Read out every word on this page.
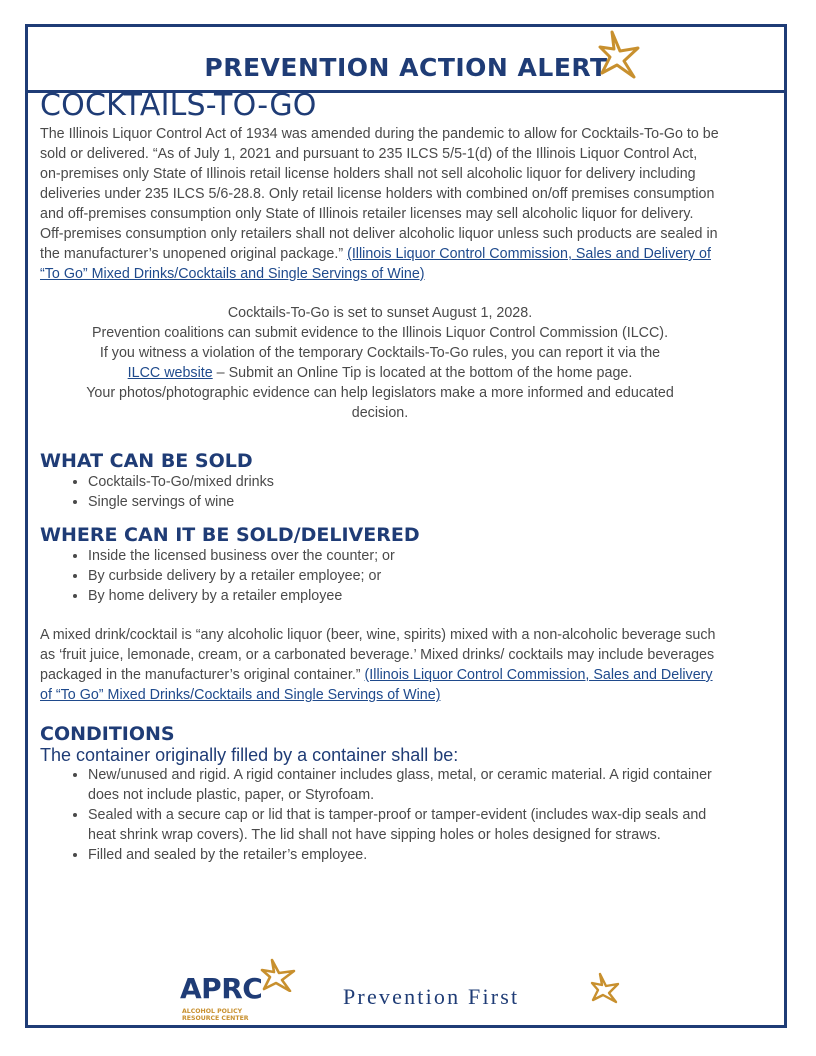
PREVENTION ACTION ALERT
COCKTAILS-TO-GO

The Illinois Liquor Control Act of 1934 was amended during the pandemic to allow for Cocktails-To-Go to be sold or delivered. “As of July 1, 2021 and pursuant to 235 ILCS 5/5-1(d) of the Illinois Liquor Control Act, on-premises only State of Illinois retail license holders shall not sell alcoholic liquor for delivery including deliveries under 235 ILCS 5/6-28.8. Only retail license holders with combined on/off premises consumption and off-premises consumption only State of Illinois retailer licenses may sell alcoholic liquor for delivery. Off-premises consumption only retailers shall not deliver alcoholic liquor unless such products are sealed in the manufacturer’s unopened original package.” (Illinois Liquor Control Commission, Sales and Delivery of “To Go” Mixed Drinks/Cocktails and Single Servings of Wine)

Cocktails-To-Go is set to sunset August 1, 2028.

Prevention coalitions can submit evidence to the Illinois Liquor Control Commission (ILCC).

If you witness a violation of the temporary Cocktails-To-Go rules, you can report it via the

ILCC website – Submit an Online Tip is located at the bottom of the home page.

Your photos/photographic evidence can help legislators make a more informed and educated decision.

WHAT CAN BE SOLD
• Cocktails-To-Go/mixed drinks
• Single servings of wine
WHERE CAN IT BE SOLD/DELIVERED
• Inside the licensed business over the counter; or
• By curbside delivery by a retailer employee; or
• By home delivery by a retailer employee

A mixed drink/cocktail is “any alcoholic liquor (beer, wine, spirits) mixed with a non-alcoholic beverage such as ‘fruit juice, lemonade, cream, or a carbonated beverage.’ Mixed drinks/ cocktails may include beverages packaged in the manufacturer’s original container.” (Illinois Liquor Control Commission, Sales and Delivery of “To Go” Mixed Drinks/Cocktails and Single Servings of Wine)

CONDITIONS
The container originally filled by a container shall be:
• New/unused and rigid. A rigid container includes glass, metal, or ceramic material. A rigid container does not include plastic, paper, or Styrofoam.
• Sealed with a secure cap or lid that is tamper-proof or tamper-evident (includes wax-dip seals and heat shrink wrap covers). The lid shall not have sipping holes or holes designed for straws.
• Filled and sealed by the retailer’s employee.
APRC
ALCOHOL POLICY RESOURCE CENTER
Prevention First
